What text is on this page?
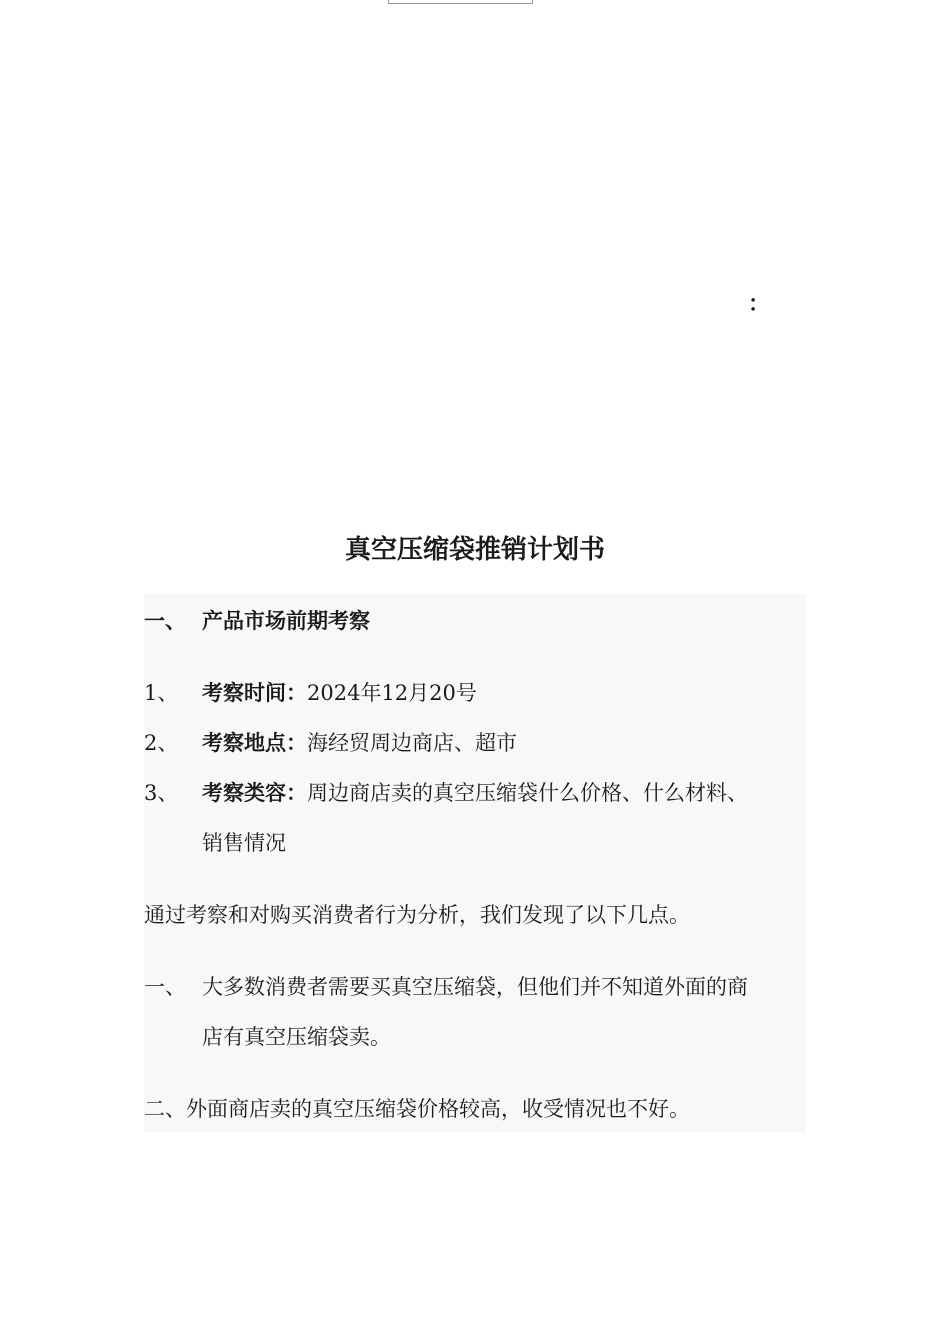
：
真空压缩袋推销计划书
一、 产品市场前期考察
1、 考察时间：2024年12月20号
2、 考察地点：海经贸周边商店、超市
3、 考察类容：周边商店卖的真空压缩袋什么价格、什么材料、
销售情况
通过考察和对购买消费者行为分析，我们发现了以下几点。
一、 大多数消费者需要买真空压缩袋，但他们并不知道外面的商
店有真空压缩袋卖。
二、外面商店卖的真空压缩袋价格较高，收受情况也不好。
